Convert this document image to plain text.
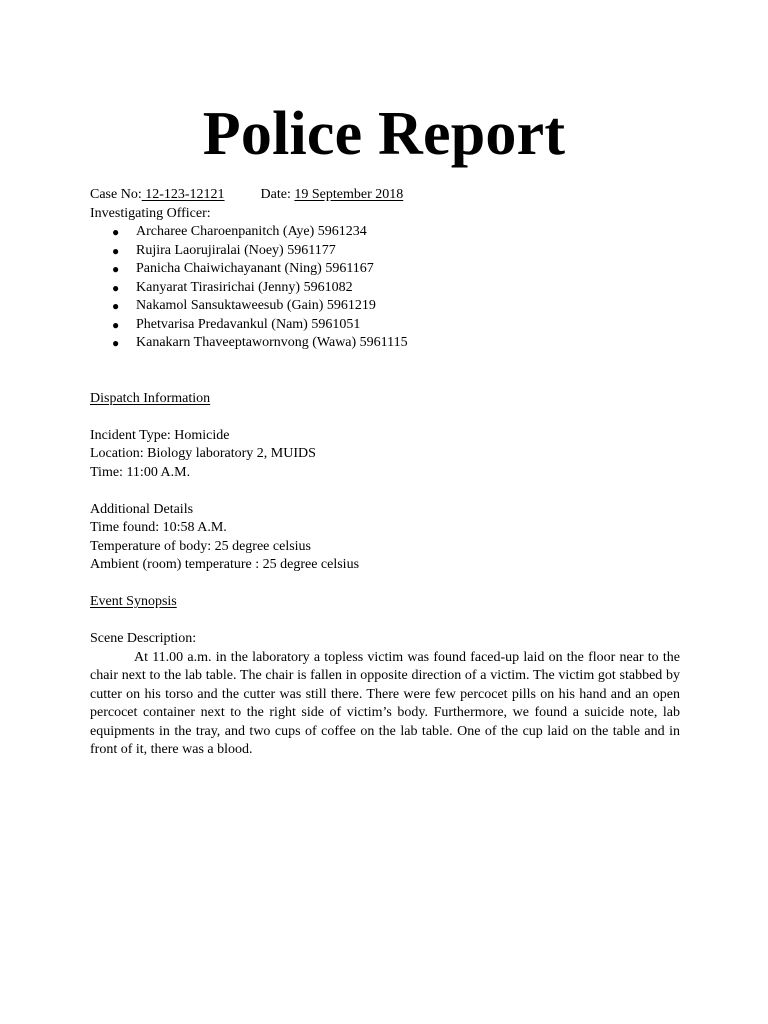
Police Report
Case No: 12-123-12121	Date: 19 September 2018
Investigating Officer:
● Archaree Charoenpanitch (Aye) 5961234
● Rujira Laorujiralai (Noey) 5961177
● Panicha Chaiwichayanant (Ning) 5961167
● Kanyarat Tirasirichai (Jenny) 5961082
● Nakamol Sansuktaweesub (Gain) 5961219
● Phetvarisa Predavankul (Nam) 5961051
● Kanakarn Thaveeptawornvong (Wawa) 5961115
Dispatch Information
Incident Type: Homicide
Location: Biology laboratory 2, MUIDS
Time: 11:00 A.M.
Additional Details
Time found: 10:58 A.M.
Temperature of body: 25 degree celsius
Ambient (room) temperature : 25 degree celsius
Event Synopsis
Scene Description:

At 11.00 a.m. in the laboratory a topless victim was found faced-up laid on the floor near to the chair next to the lab table. The chair is fallen in opposite direction of a victim. The victim got stabbed by cutter on his torso and the cutter was still there. There were few percocet pills on his hand and an open percocet container next to the right side of victim’s body. Furthermore, we found a suicide note, lab equipments in the tray, and two cups of coffee on the lab table. One of the cup laid on the table and in front of it, there was a blood.
